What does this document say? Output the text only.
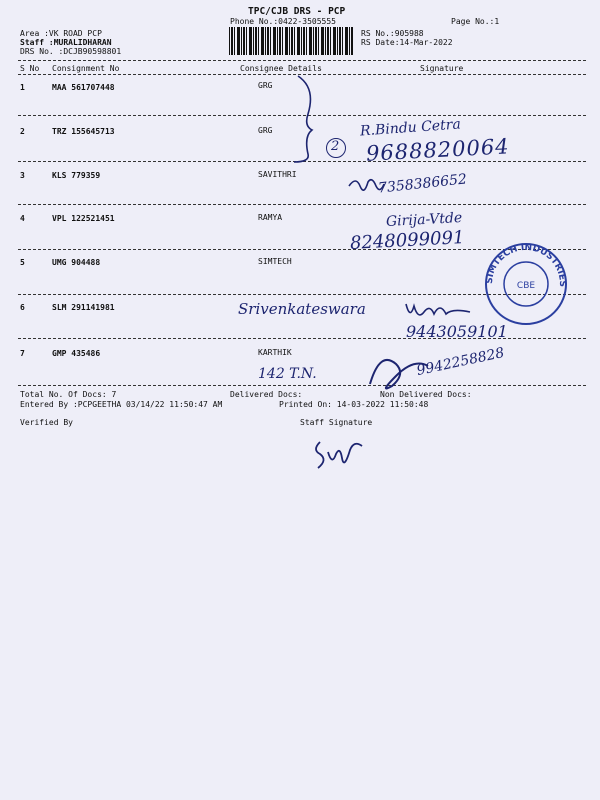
TPC/CJB DRS - PCP
Phone No.:0422-3505555	Page No.:1
Area :VK ROAD PCP
Staff :MURALIDHARAN
DRS No. :DCJB90598801
RS No.:905988
RS Date:14-Mar-2022
S No Consignment No	Consignee Details	Signature
1	MAA 561707448	GRG
2	TRZ 155645713	GRG
3	KLS 779359	SAVITHRI
4	VPL 122521451	RAMYA
5	UMG 904488	SIMTECH
6	SLM 291141981
7	GMP 435486	KARTHIK
2
R.Bindu Cetra
9688820064
7358386652
Girija-Vtde
8248099091
SIMTECH INDUSTRIES
CBE
Srivenkateswara
9443059101
142 T.N.	9942258828
Total No. Of Docs: 7	Delivered Docs:	Non Delivered Docs:
Entered By :PCPGEETHA 03/14/22 11:50:47 AM	Printed On: 14-03-2022 11:50:48
Verified By	Staff Signature
